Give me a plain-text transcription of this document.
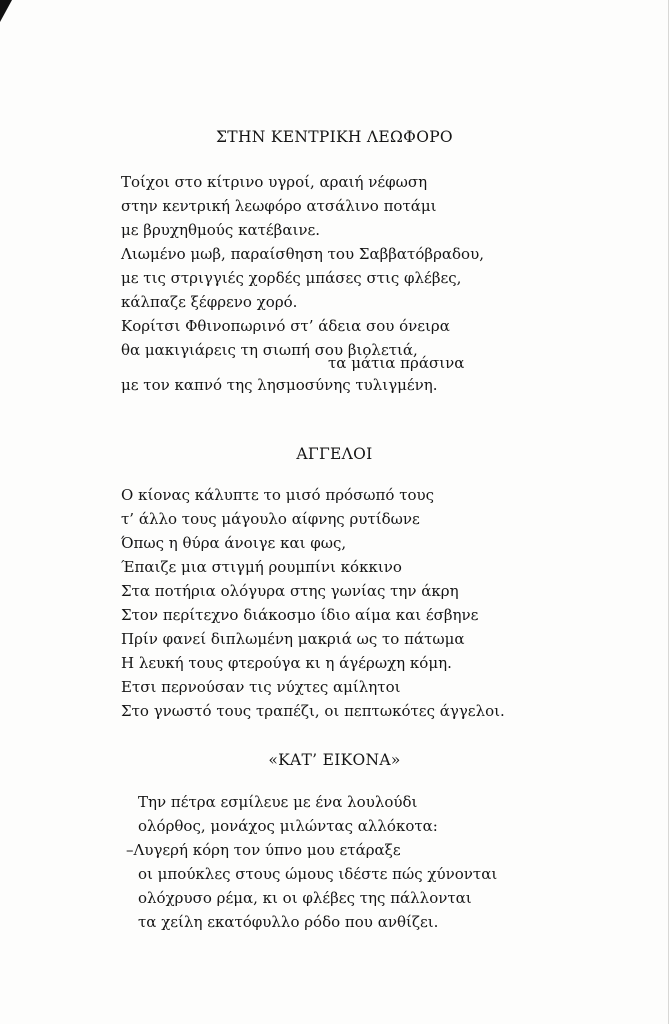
ΣΤΗΝ ΚΕΝΤΡΙΚΗ ΛΕΩΦΟΡΟ
Τοίχοι στο κίτρινο υγροί, αραιή νέφωση
στην κεντρική λεωφόρο ατσάλινο ποτάμι
με βρυχηθμούς κατέβαινε.
Λιωμένο μωβ, παραίσθηση του Σαββατόβραδου,
με τις στριγγιές χορδές μπάσες στις φλέβες,
κάλπαζε ξέφρενο χορό.
Κορίτσι Φθινοπωρινό στ’ άδεια σου όνειρα
θα μακιγιάρεις τη σιωπή σου βιολετιά,
τα μάτια πράσινα
με τον καπνό της λησμοσύνης τυλιγμένη.
ΑΓΓΕΛΟΙ
Ο κίονας κάλυπτε το μισό πρόσωπό τους
τ’ άλλο τους μάγουλο αίφνης ρυτίδωνε
Όπως η θύρα άνοιγε και φως,
Έπαιζε μια στιγμή ρουμπίνι κόκκινο
Στα ποτήρια ολόγυρα στης γωνίας την άκρη
Στον περίτεχνο διάκοσμο ίδιο αίμα και έσβηνε
Πρίν φανεί διπλωμένη μακριά ως το πάτωμα
Η λευκή τους φτερούγα κι η άγέρωχη κόμη.
Ετσι περνούσαν τις νύχτες αμίλητοι
Στο γνωστό τους τραπέζι, οι πεπτωκότες άγγελοι.
«ΚΑΤ’ ΕΙΚΟΝΑ»
Την πέτρα εσμίλευε με ένα λουλούδι
ολόρθος, μονάχος μιλώντας αλλόκοτα:
–Λυγερή κόρη τον ύπνο μου ετάραξε
οι μπούκλες στους ώμους ιδέστε πώς χύνονται
ολόχρυσο ρέμα, κι οι φλέβες της πάλλονται
τα χείλη εκατόφυλλο ρόδο που ανθίζει.
